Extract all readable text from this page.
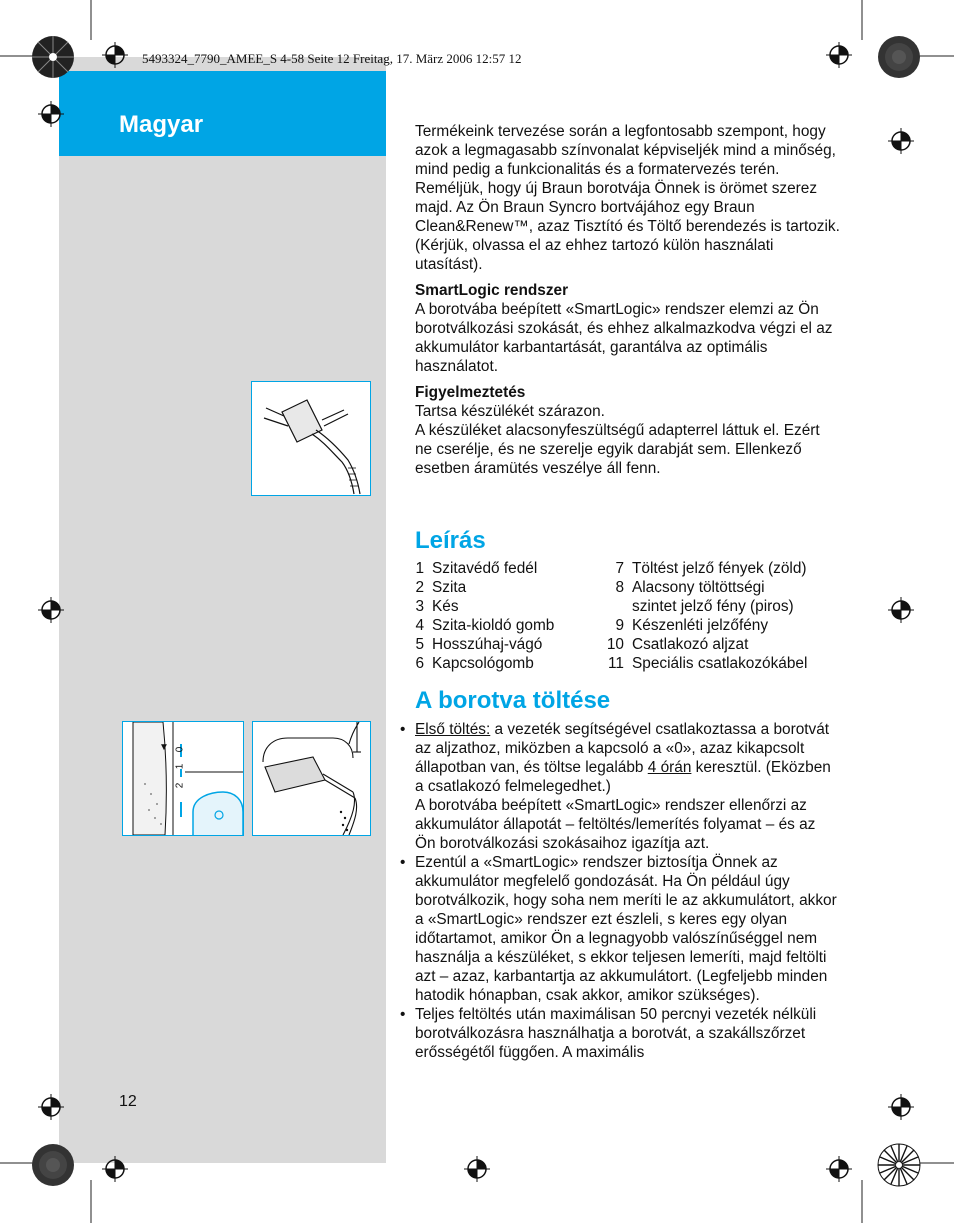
Magyar
5493324_7790_AMEE_S 4-58 Seite 12 Freitag, 17. März 2006 12:57 12

Termékeink tervezése során a legfontosabb szempont, hogy azok a legmagasabb színvonalat képviseljék mind a minőség, mind pedig a funkcionalitás és a formatervezés terén. Reméljük, hogy új Braun borotvája Önnek is örömet szerez majd. Az Ön Braun Syncro bortvájához egy Braun Clean&Renew™, azaz Tisztító és Töltő berendezés is tartozik. (Kérjük, olvassa el az ehhez tartozó külön használati utasítást).

SmartLogic rendszer

A borotvába beépített «SmartLogic» rendszer elemzi az Ön borotválkozási szokását, és ehhez alkalmazkodva végzi el az akkumulátor karbantartását, garantálva az optimális használatot.

Figyelmeztetés

Tartsa készülékét szárazon.

A készüléket alacsonyfeszültségű adapterrel láttuk el. Ezért ne cserélje, és ne szerelje egyik darabját sem. Ellenkező esetben áramütés veszélye áll fenn.

Leírás
1 Szitavédő fedél
2 Szita
3 Kés
4 Szita-kioldó gomb
5 Hosszúhaj-vágó
6 Kapcsológomb
7 Töltést jelző fények (zöld)
8 Alacsony töltöttségi
szintet jelző fény (piros)
9 Készenléti jelzőfény
10 Csatlakozó aljzat
11 Speciális csatlakozókábel
A borotva töltése
• Első töltés: a vezeték segítségével csatlakoztassa a borotvát az aljzathoz, miközben a kapcsoló a «0», azaz kikapcsolt állapotban van, és töltse legalább 4 órán keresztül. (Eközben a csatlakozó felmelegedhet.)
A borotvába beépített «SmartLogic» rendszer ellenőrzi az akkumulátor állapotát – feltöltés/lemerítés folyamat – és az Ön borotválkozási szokásaihoz igazítja azt.
• Ezentúl a «SmartLogic» rendszer biztosítja Önnek az akkumulátor megfelelő gondozását. Ha Ön például úgy borotválkozik, hogy soha nem meríti le az akkumulátort, akkor a «SmartLogic» rendszer ezt észleli, s keres egy olyan időtartamot, amikor Ön a legnagyobb valószínűséggel nem használja a készüléket, s ekkor teljesen lemeríti, majd feltölti azt – azaz, karbantartja az akkumulátort. (Legfeljebb minden hatodik hónapban, csak akkor, amikor szükséges).
• Teljes feltöltés után maximálisan 50 percnyi vezeték nélküli borotválkozásra használhatja a borotvát, a szakállszőrzet erősségétől függően. A maximális
▼ 0
1
2
12
